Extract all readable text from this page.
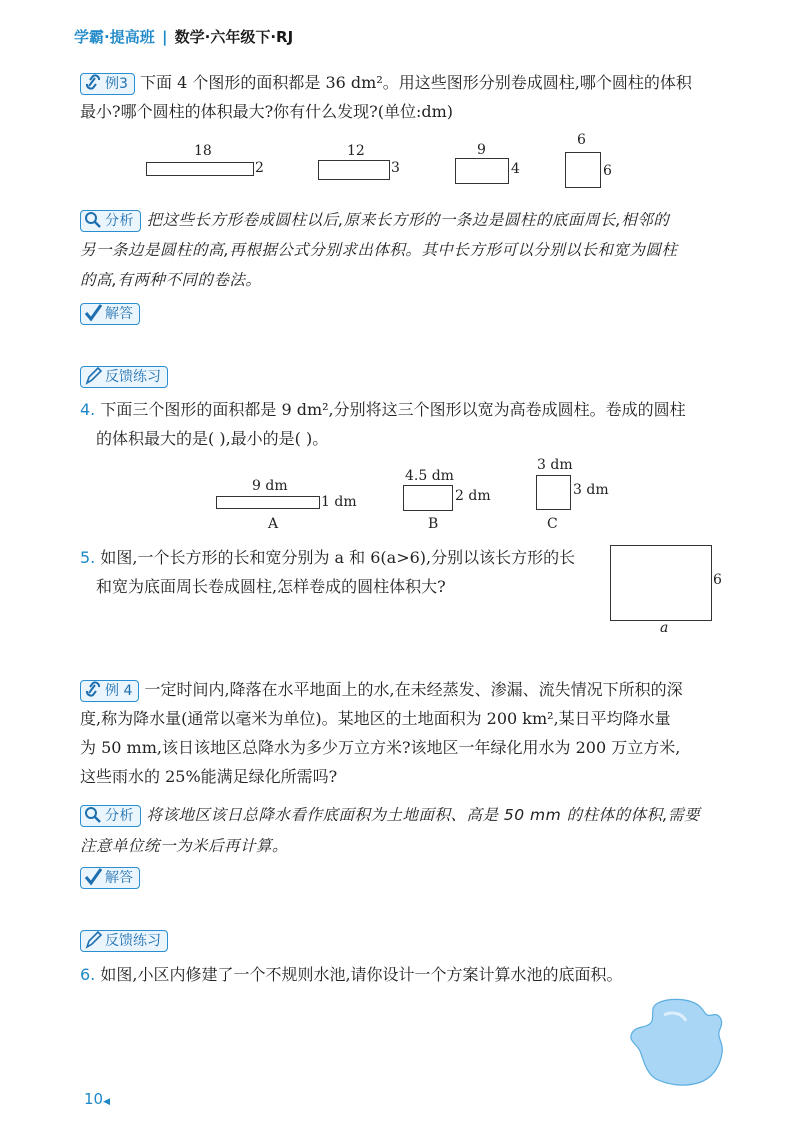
学霸·提高班 | 数学·六年级下·RJ
例3 下面 4 个图形的面积都是 36 dm²。用这些图形分别卷成圆柱,哪个圆柱的体积
最小?哪个圆柱的体积最大?你有什么发现?(单位:dm)
18
2
12
3
9
4
6
6
分析 把这些长方形卷成圆柱以后,原来长方形的一条边是圆柱的底面周长,相邻的
另一条边是圆柱的高,再根据公式分别求出体积。其中长方形可以分别以长和宽为圆柱
的高,有两种不同的卷法。
解答
反馈练习
4. 下面三个图形的面积都是 9 dm²,分别将这三个图形以宽为高卷成圆柱。卷成的圆柱
的体积最大的是( ),最小的是( )。
9 dm
1 dm
A
4.5 dm
2 dm
B
3 dm
3 dm
C
5. 如图,一个长方形的长和宽分别为 a 和 6(a>6),分别以该长方形的长
和宽为底面周长卷成圆柱,怎样卷成的圆柱体积大?	6
a
例 4 一定时间内,降落在水平地面上的水,在未经蒸发、渗漏、流失情况下所积的深
度,称为降水量(通常以毫米为单位)。某地区的土地面积为 200 km²,某日平均降水量
为 50 mm,该日该地区总降水为多少万立方米?该地区一年绿化用水为 200 万立方米,
这些雨水的 25%能满足绿化所需吗?
分析 将该地区该日总降水看作底面积为土地面积、高是 50 mm 的柱体的体积,需要
注意单位统一为米后再计算。
解答
反馈练习
6. 如图,小区内修建了一个不规则水池,请你设计一个方案计算水池的底面积。
10◀
